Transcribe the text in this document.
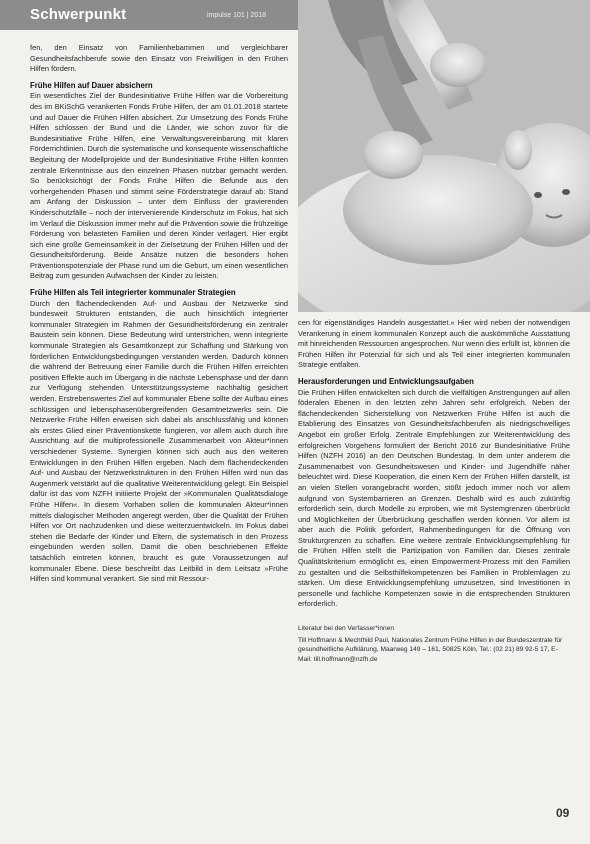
Schwerpunkt	impulse 101 | 2018

fen, den Einsatz von Familienhebammen und vergleichbarer Gesundheitsfachberufe sowie den Einsatz von Freiwilligen in den Frühen Hilfen fördern.

Frühe Hilfen auf Dauer absichern

Ein wesentliches Ziel der Bundesinitiative Frühe Hilfen war die Vorbereitung des im BKiSchG verankerten Fonds Frühe Hilfen, der am 01.01.2018 startete und auf Dauer die Frühen Hilfen absichert. Zur Umsetzung des Fonds Frühe Hilfen schlossen der Bund und die Länder, wie schon zuvor für die Bundesinitiative Frühe Hilfen, eine Verwaltungsvereinbarung mit klaren Förderrichtlinien. Durch die systematische und konsequente wissenschaftliche Begleitung der Modellprojekte und der Bundesinitiative Frühe Hilfen konnten zentrale Erkenntnisse aus den einzelnen Phasen nutzbar gemacht werden. So berücksichtigt der Fonds Frühe Hilfen die Befunde aus den vorhergehenden Phasen und stimmt seine Förderstrategie darauf ab: Stand am Anfang der Diskussion – unter dem Einfluss der gravierenden Kinderschutzfälle – noch der intervenierende Kinderschutz im Fokus, hat sich im Verlauf die Diskussion immer mehr auf die Prävention sowie die frühzeitige Förderung von belasteten Familien und deren Kinder verlagert. Hier ergibt sich eine große Gemeinsamkeit in der Zielsetzung der Frühen Hilfen und der Gesundheitsförderung. Beide Ansätze nutzen die besonders hohen Präventionspotenziale der Phase rund um die Geburt, um einen wesentlichen Beitrag zum gesunden Aufwachsen der Kinder zu leisten.

Frühe Hilfen als Teil integrierter kommunaler Strategien

Durch den flächendeckenden Auf- und Ausbau der Netzwerke sind bundesweit Strukturen entstanden, die auch hinsichtlich integrierter kommunaler Strategien im Rahmen der Gesundheitsförderung ein zentraler Baustein sein können. Diese Bedeutung wird unterstrichen, wenn integrierte kommunale Strategien als Gesamtkonzept zur Schaffung und Stärkung von förderlichen Entwicklungsbedingungen verstanden werden. Dadurch können die während der Betreuung einer Familie durch die Frühen Hilfen erreichten positiven Effekte auch im Übergang in die nächste Lebensphase und der dann zur Verfügung stehenden Unterstützungssysteme nachhaltig gesichert werden. Erstrebenswertes Ziel auf kommunaler Ebene sollte der Aufbau eines schlüssigen und lebensphasenübergreifenden Gesamtnetzwerks sein. Die Netzwerke Frühe Hilfen erweisen sich dabei als anschlussfähig und können als erstes Glied einer Präventionskette fungieren, vor allem auch durch ihre Ausrichtung auf die multiprofessionelle Zusammenarbeit von Akteur*innen verschiedener Systeme. Synergien können sich auch aus den weiteren Entwicklungen in den Frühen Hilfen ergeben. Nach dem flächendeckenden Auf- und Ausbau der Netzwerkstrukturen in den Frühen Hilfen wird nun das Augenmerk verstärkt auf die qualitative Weiterentwicklung gelegt. Ein Beispiel dafür ist das vom NZFH initiierte Projekt der »Kommunalen Qualitätsdialoge Frühe Hilfen«. In diesem Vorhaben sollen die kommunalen Akteur*innen mittels dialogischer Methoden angeregt werden, über die Qualität der Frühen Hilfen vor Ort nachzudenken und diese weiterzuentwickeln. Im Fokus dabei stehen die Bedarfe der Kinder und Eltern, die systematisch in den Prozess eingebunden werden sollen. Damit die oben beschriebenen Effekte tatsächlich eintreten können, braucht es gute Voraussetzungen auf kommunaler Ebene. Diese beschreibt das Leitbild in dem Leitsatz »Frühe Hilfen sind kommunal verankert. Sie sind mit Ressour-

cen für eigenständiges Handeln ausgestattet.« Hier wird neben der notwendigen Verankerung in einem kommunalen Konzept auch die auskömmliche Ausstattung mit hinreichenden Ressourcen angesprochen. Nur wenn dies erfüllt ist, können die Frühen Hilfen ihr Potenzial für sich und als Teil einer integrierten kommunalen Strategie entfalten.

Herausforderungen und Entwicklungsaufgaben

Die Frühen Hilfen entwickelten sich durch die vielfältigen Anstrengungen auf allen föderalen Ebenen in den letzten zehn Jahren sehr erfolgreich. Neben der flächendeckenden Sicherstellung von Netzwerken Frühe Hilfen ist auch die Etablierung des Einsatzes von Gesundheitsfachberufen als niedrigschwelliges Angebot ein großer Erfolg. Zentrale Empfehlungen zur Weiterentwicklung des erfolgreichen Vorgehens formuliert der Bericht 2016 zur Bundesinitiative Frühe Hilfen (NZFH 2016) an den Deutschen Bundestag. In dem unter anderem die Zusammenarbeit von Gesundheitswesen und Kinder- und Jugendhilfe näher beleuchtet wird. Diese Kooperation, die einen Kern der Frühen Hilfen darstellt, ist an vielen Stellen vorangebracht worden, stößt jedoch immer noch vor allem aufgrund von Systembarrieren an Grenzen. Deshalb wird es auch zukünftig erforderlich sein, durch Modelle zu erproben, wie mit Systemgrenzen überbrückt und Möglichkeiten der Überbrückung geschaffen werden können. Vor allem ist aber auch die Politik gefordert, Rahmenbedingungen für die Öffnung von Strukturgrenzen zu schaffen. Eine weitere zentrale Entwicklungsempfehlung für die Frühen Hilfen stellt die Partizipation von Familien dar. Dieses zentrale Qualitätskriterium ermöglicht es, einen Empowerment-Prozess mit den Familien zu gestalten und die Selbsthilfekompetenzen bei Familien in Problemlagen zu stärken. Um diese Entwicklungsempfehlung umzusetzen, sind Investitionen in personelle und fachliche Kompetenzen sowie in die entsprechenden Strukturen erforderlich.

Literatur bei den Verfasser*innen
Till Hoffmann & Mechthild Paul, Nationales Zentrum Frühe Hilfen in der Bundeszentrale für gesundheitliche Aufklärung, Maarweg 149 – 161, 50825 Köln, Tel.: (02 21) 89 92-5 17, E-Mail: till.hoffmann@nzfh.de
09
